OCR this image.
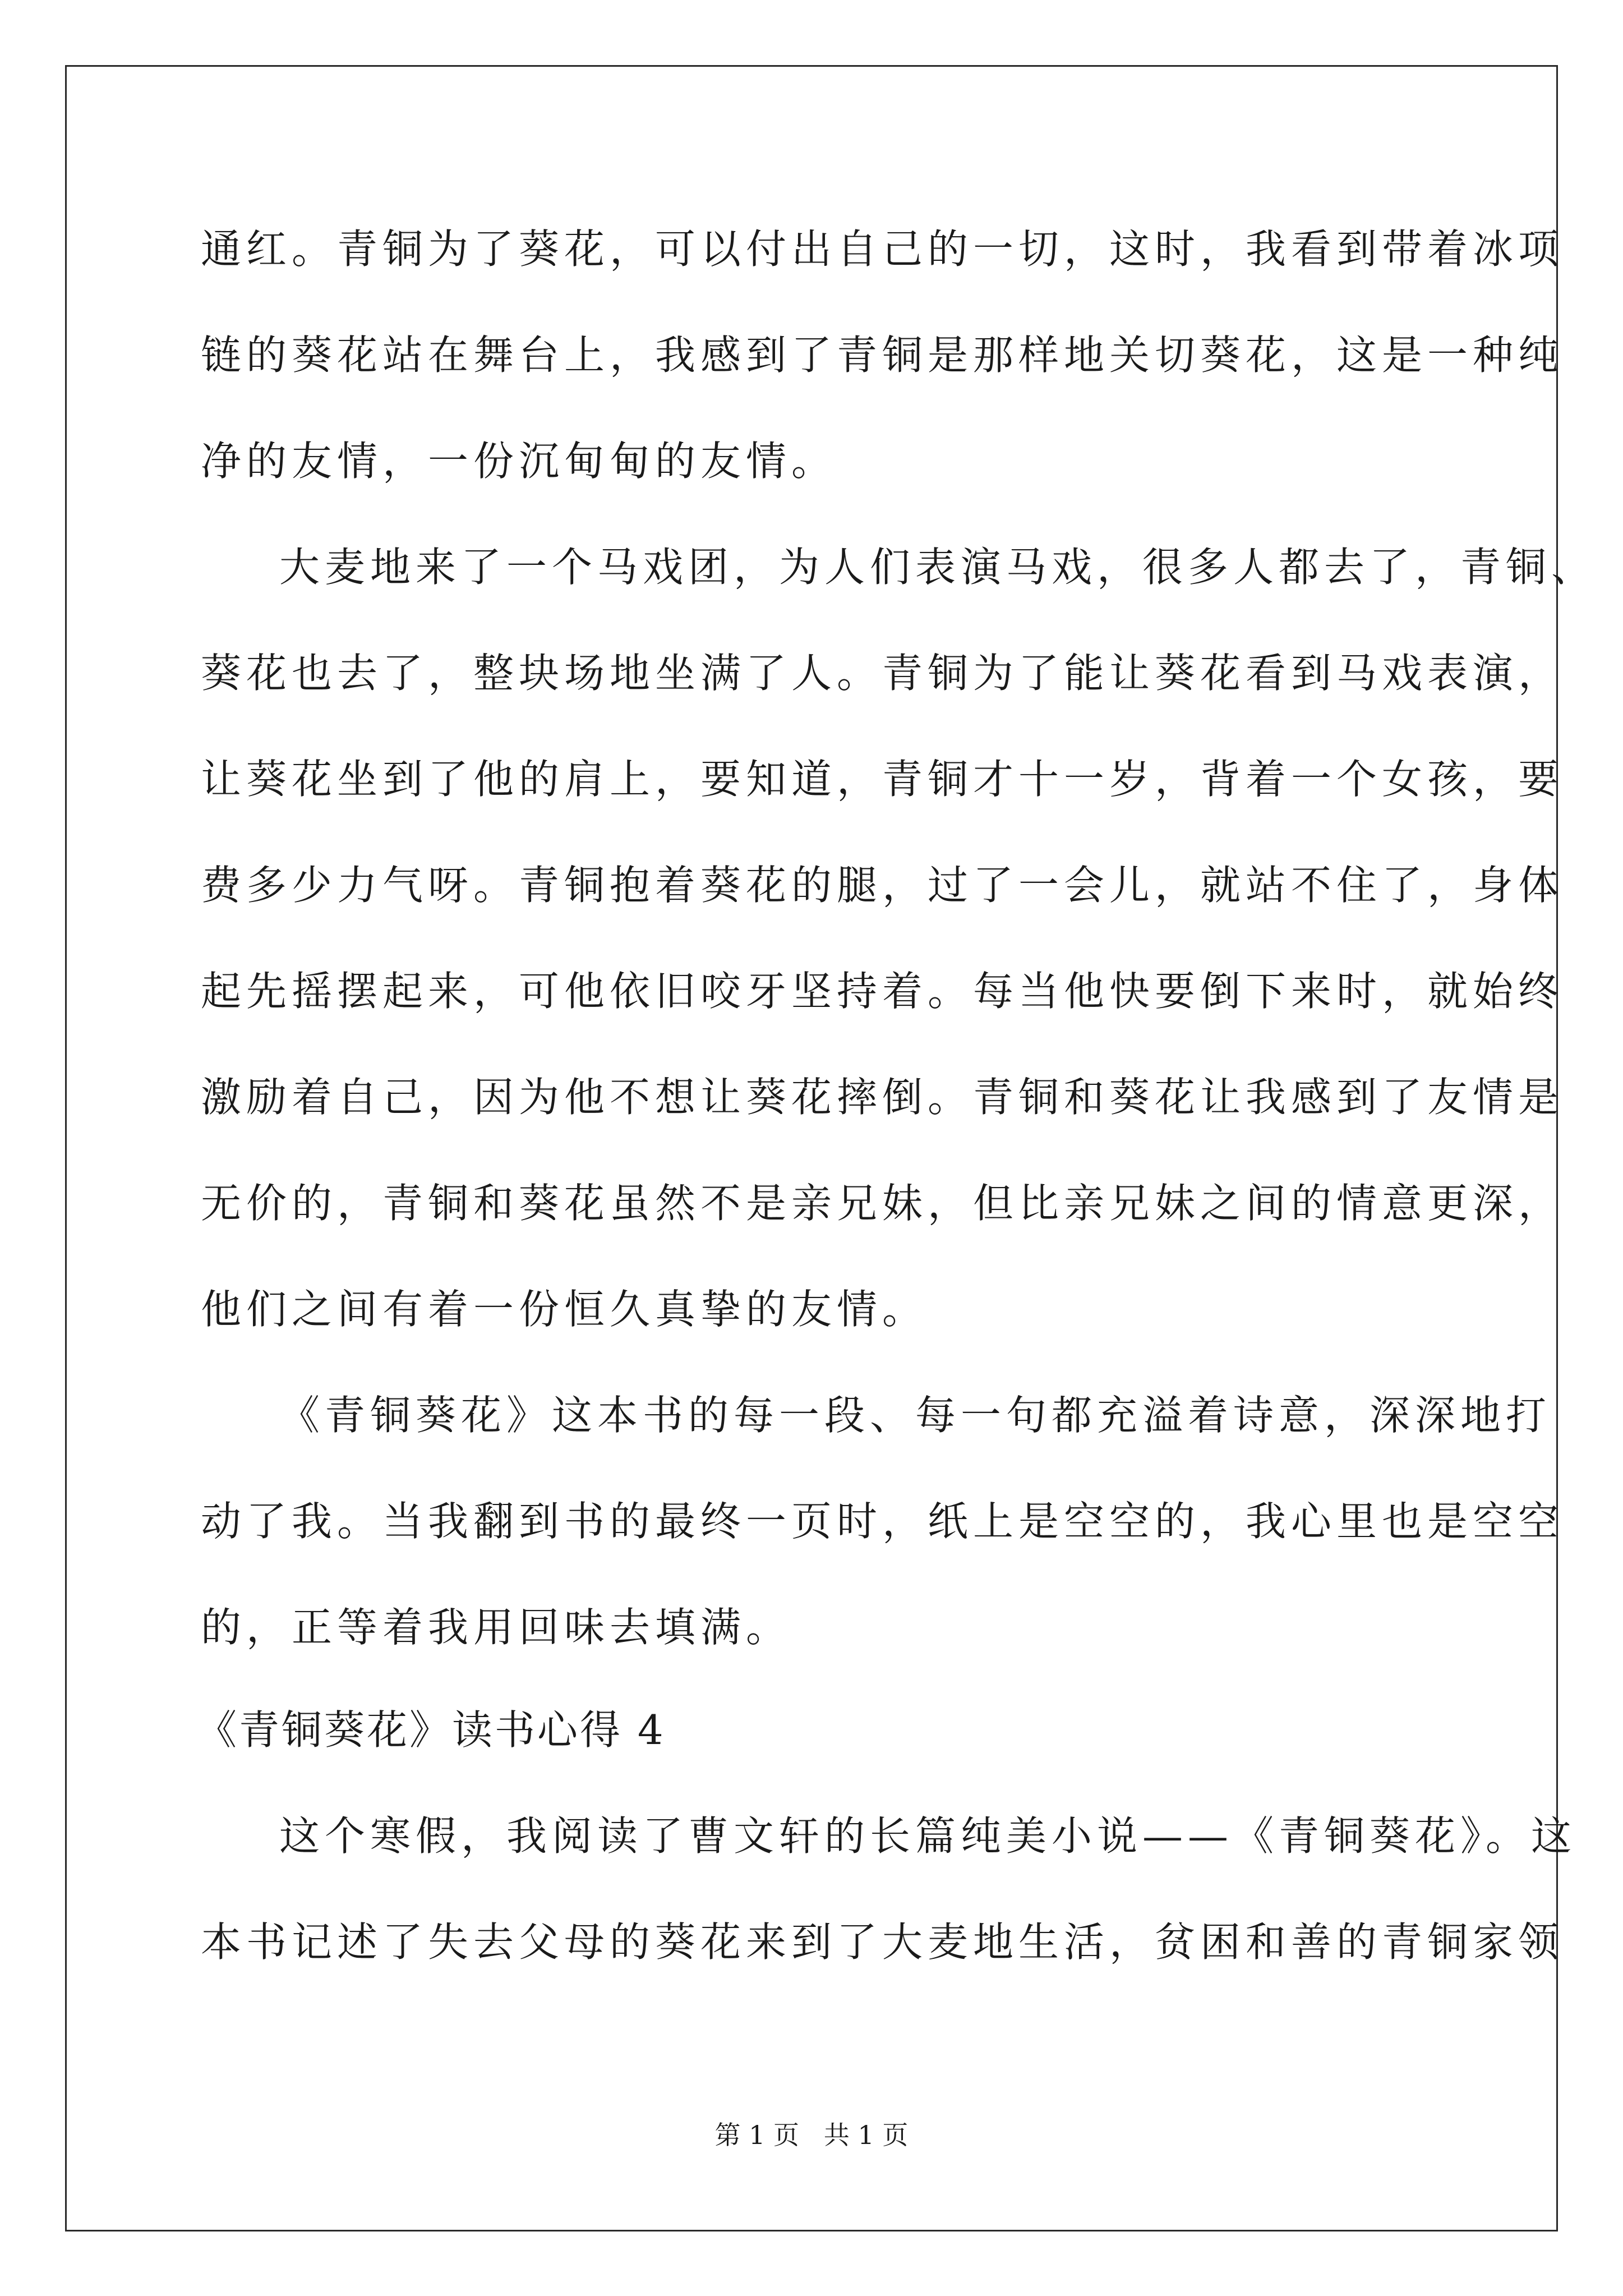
通红。青铜为了葵花，可以付出自己的一切，这时，我看到带着冰项
链的葵花站在舞台上，我感到了青铜是那样地关切葵花，这是一种纯
净的友情，一份沉甸甸的友情。
大麦地来了一个马戏团，为人们表演马戏，很多人都去了，青铜、
葵花也去了，整块场地坐满了人。青铜为了能让葵花看到马戏表演，
让葵花坐到了他的肩上，要知道，青铜才十一岁，背着一个女孩，要
费多少力气呀。青铜抱着葵花的腿，过了一会儿，就站不住了，身体
起先摇摆起来，可他依旧咬牙坚持着。每当他快要倒下来时，就始终
激励着自己，因为他不想让葵花摔倒。青铜和葵花让我感到了友情是
无价的，青铜和葵花虽然不是亲兄妹，但比亲兄妹之间的情意更深，
他们之间有着一份恒久真挚的友情。
《青铜葵花》这本书的每一段、每一句都充溢着诗意，深深地打
动了我。当我翻到书的最终一页时，纸上是空空的，我心里也是空空
的，正等着我用回味去填满。
《青铜葵花》读书心得 4
这个寒假，我阅读了曹文轩的长篇纯美小说——《青铜葵花》。这
本书记述了失去父母的葵花来到了大麦地生活，贫困和善的青铜家领
第 1 页   共 1 页
